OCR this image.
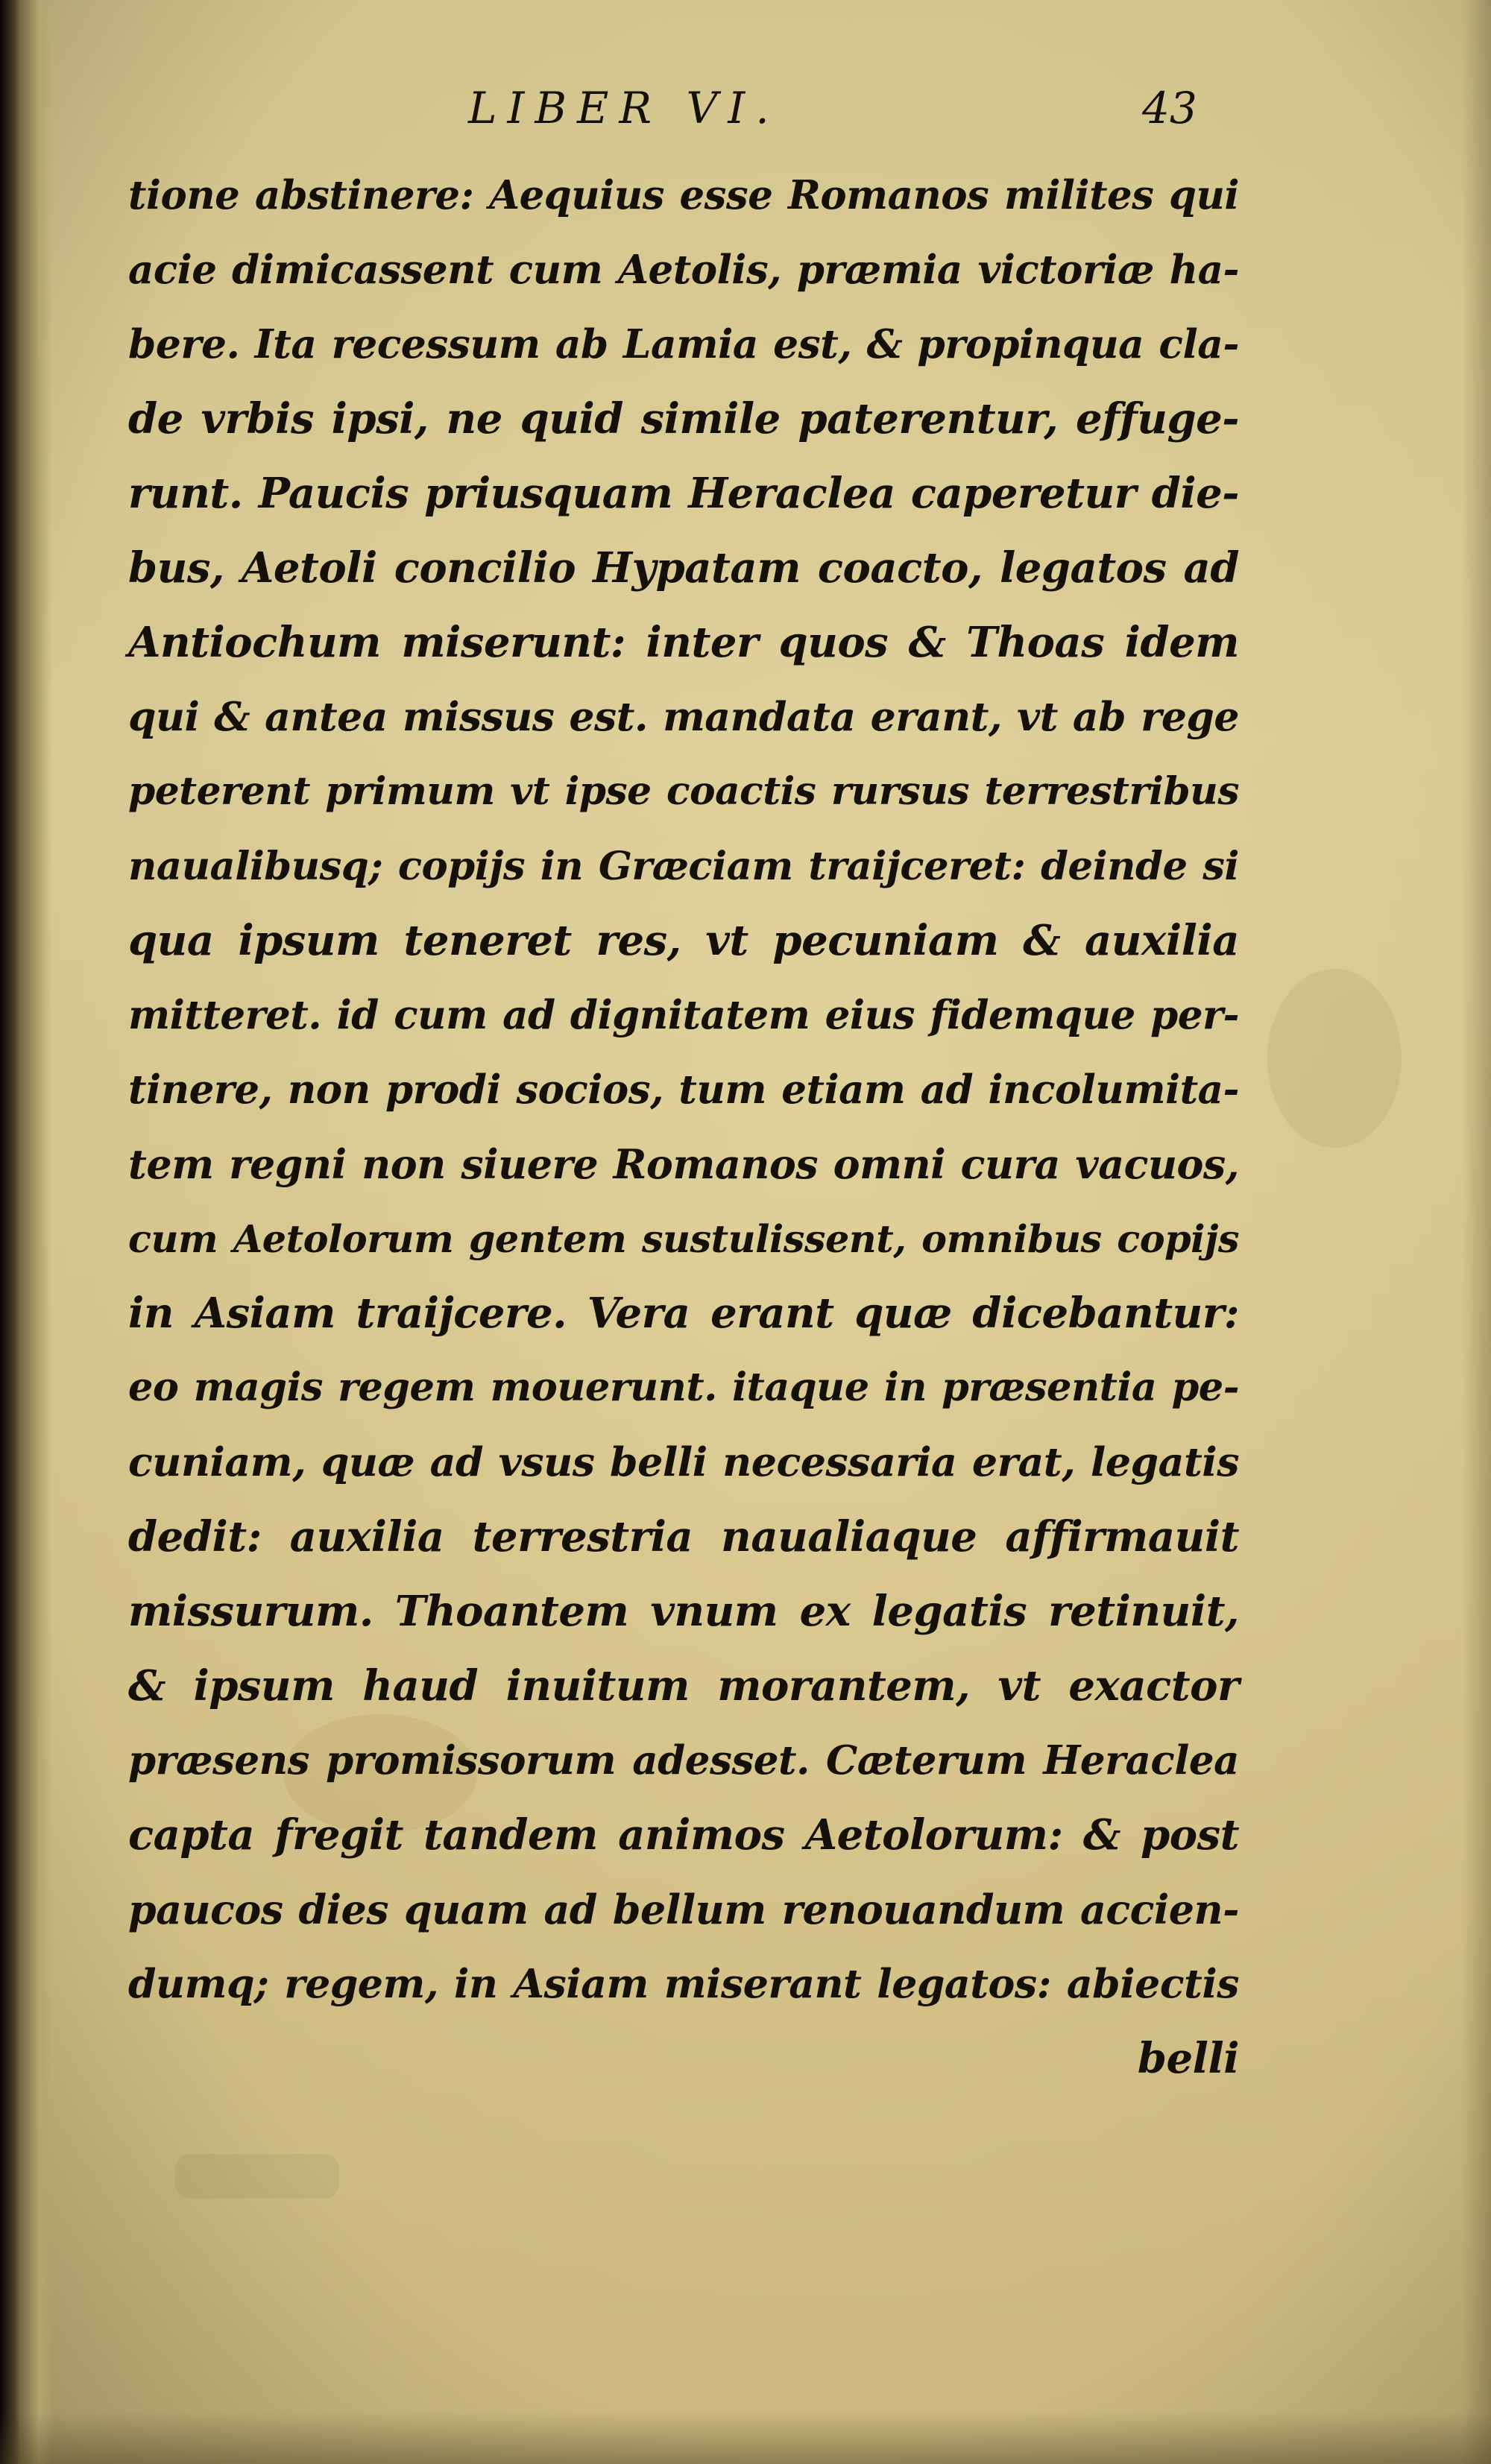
LIBER VI.	43
tione abstinere: Aequius esse Romanos milites qui
acie dimicassent cum Aetolis, præmia victoriæ ha-
bere. Ita recessum ab Lamia est, & propinqua cla-
de vrbis ipsi, ne quid simile paterentur, effuge-
runt. Paucis priusquam Heraclea caperetur die-
bus, Aetoli concilio Hypatam coacto, legatos ad
Antiochum miserunt: inter quos & Thoas idem
qui & antea missus est. mandata erant, vt ab rege
peterent primum vt ipse coactis rursus terrestribus
naualibusq; copijs in Græciam traijceret: deinde si
qua ipsum teneret res, vt pecuniam & auxilia
mitteret. id cum ad dignitatem eius fidemque per-
tinere, non prodi socios, tum etiam ad incolumita-
tem regni non siuere Romanos omni cura vacuos,
cum Aetolorum gentem sustulissent, omnibus copijs
in Asiam traijcere. Vera erant quæ dicebantur:
eo magis regem mouerunt. itaque in præsentia pe-
cuniam, quæ ad vsus belli necessaria erat, legatis
dedit: auxilia terrestria naualiaque affirmauit
missurum. Thoantem vnum ex legatis retinuit,
& ipsum haud inuitum morantem, vt exactor
præsens promissorum adesset. Cæterum Heraclea
capta fregit tandem animos Aetolorum: & post
paucos dies quam ad bellum renouandum accien-
dumq; regem, in Asiam miserant legatos: abiectis
belli
